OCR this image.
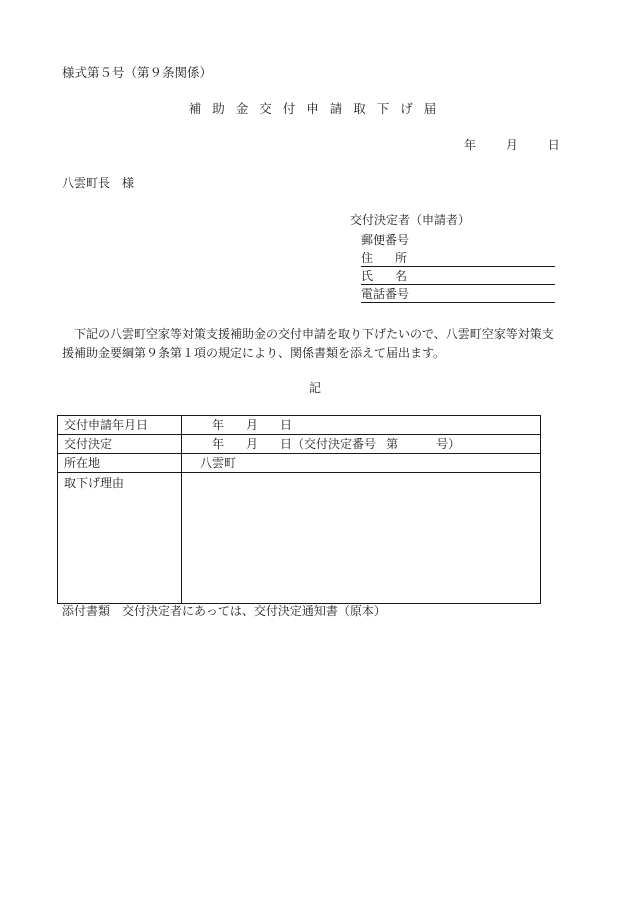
様式第５号（第９条関係）
補助金交付申請取下げ届
年 月 日
八雲町長　様
交付決定者（申請者）
郵便番号
住所
氏名
電話番号
下記の八雲町空家等対策支援補助金の交付申請を取り下げたいので、八雲町空家等対策支援補助金要綱第９条第１項の規定により、関係書類を添えて届出ます。
記
交付申請年月日	年 月 日
交付決定	年 月 日（交付決定番号 第 号）
所在地	八雲町
取下げ理由	
添付書類　交付決定者にあっては、交付決定通知書（原本）
